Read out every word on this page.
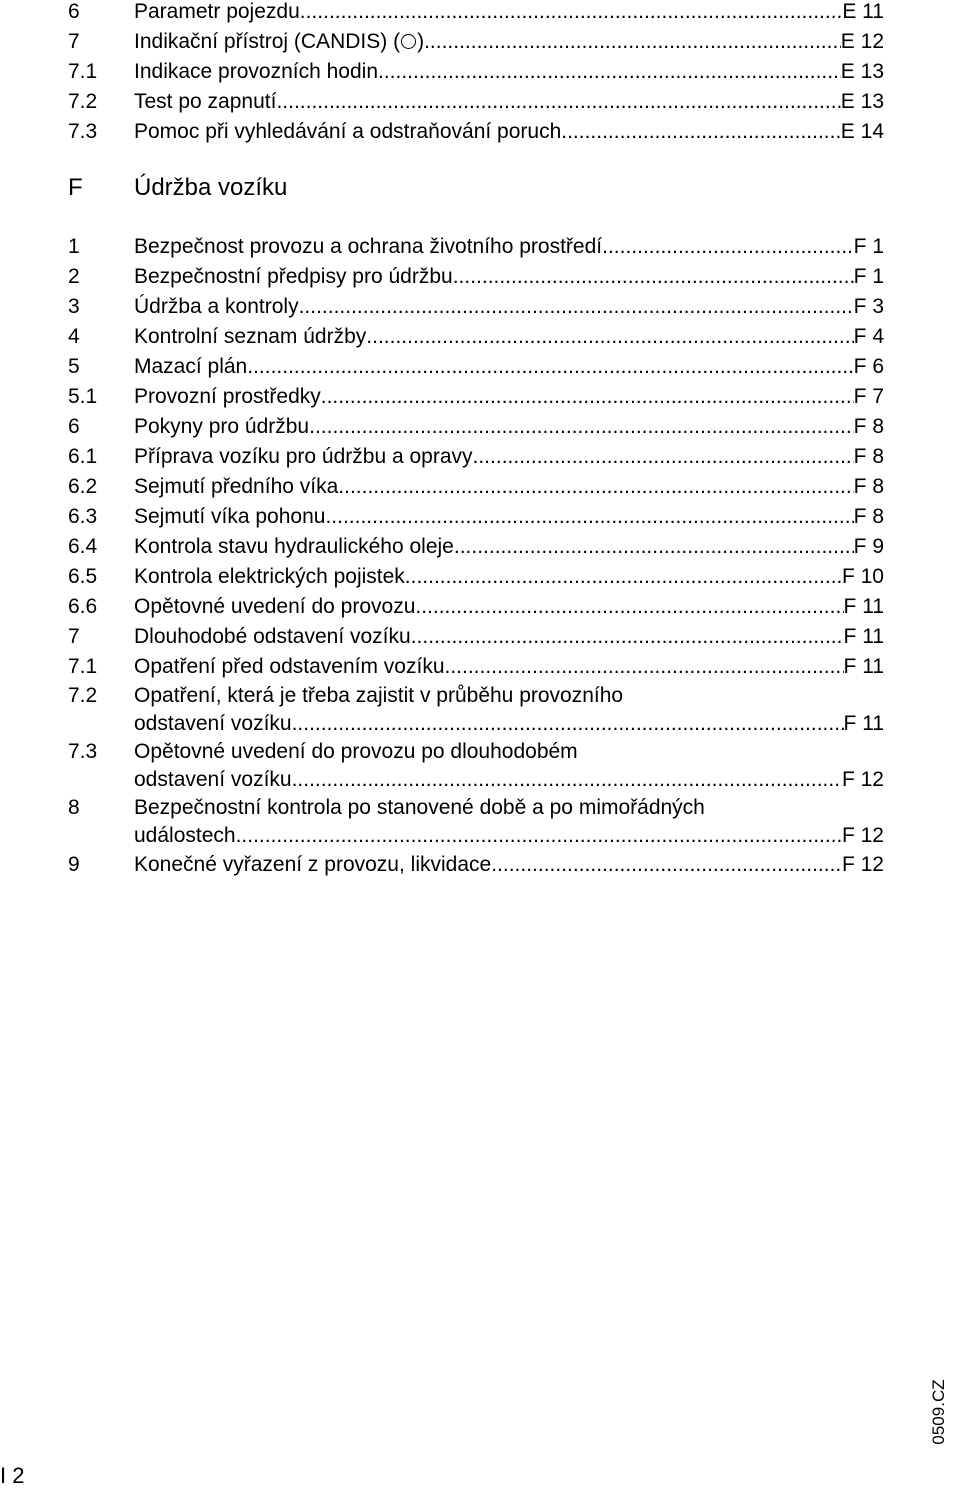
6	Parametr pojezdu .....	E 11
7	Indikační přístroj (CANDIS) ( ) .....	E 12
7.1 Indikace provozních hodin .....	E 13
7.2 Test po zapnutí .....	E 13
7.3 Pomoc při vyhledávání a odstraňování poruch .....	E 14
F Údržba vozíku
1	Bezpečnost provozu a ochrana životního prostředí .....	F 1
2	Bezpečnostní předpisy pro údržbu .....	F 1
3	Údržba a kontroly .....	F 3
4	Kontrolní seznam údržby .....	F 4
5	Mazací plán .....	F 6
5.1 Provozní prostředky .....	F 7
6	Pokyny pro údržbu .....	F 8
6.1 Příprava vozíku pro údržbu a opravy .....	F 8
6.2 Sejmutí předního víka .....	F 8
6.3 Sejmutí víka pohonu .....	F 8
6.4 Kontrola stavu hydraulického oleje .....	F 9
6.5 Kontrola elektrických pojistek .....	F 10
6.6 Opětovné uvedení do provozu .....	F 11
7	Dlouhodobé odstavení vozíku .....	F 11
7.1 Opatření před odstavením vozíku .....	F 11
7.2 Opatření, která je třeba zajistit v průběhu provozního
odstavení vozíku .....	F 11
7.3 Opětovné uvedení do provozu po dlouhodobém
odstavení vozíku .....	F 12
8	Bezpečnostní kontrola po stanovené době a po mimořádných
událostech .....	F 12
9	Konečné vyřazení z provozu, likvidace .....	F 12
0509.CZ
I 2
